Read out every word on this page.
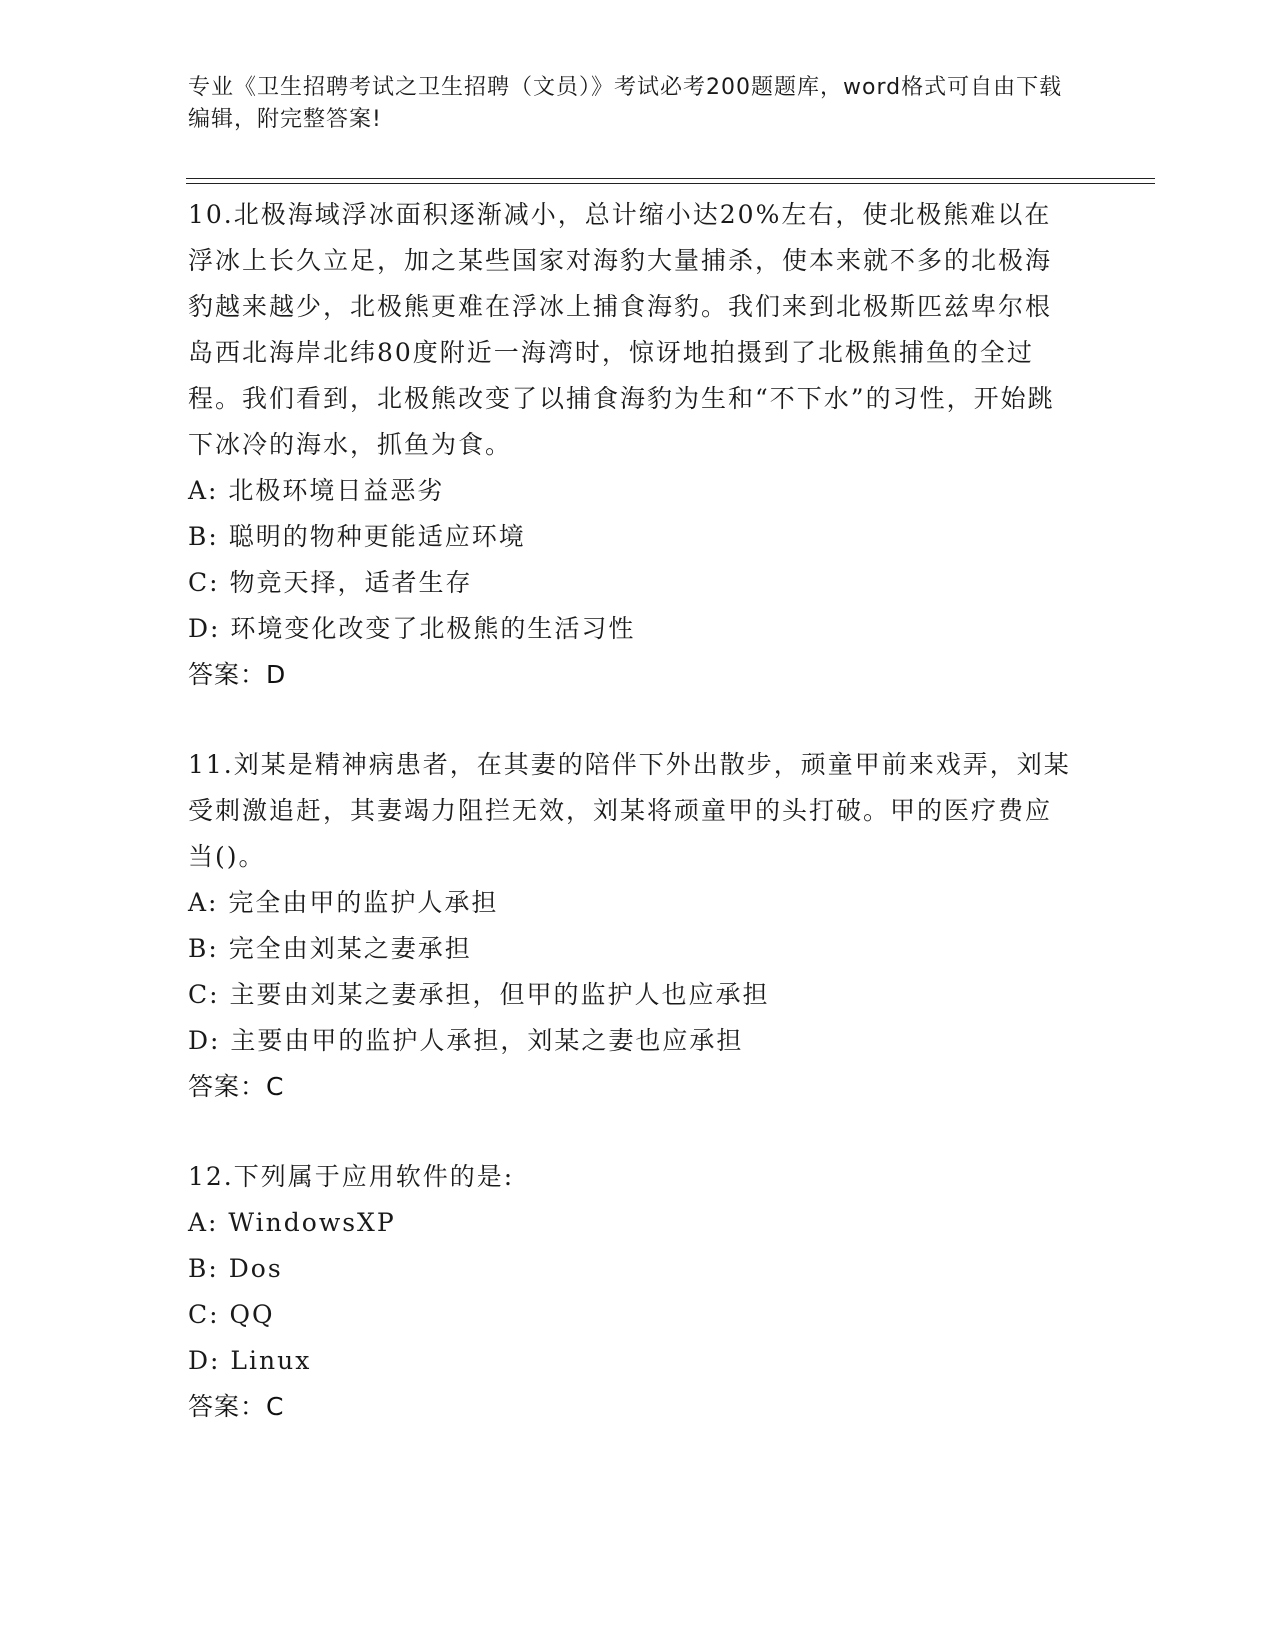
专业《卫生招聘考试之卫生招聘（文员）》考试必考200题题库，word格式可自由下载编辑，附完整答案!
10.北极海域浮冰面积逐渐减小，总计缩小达20%左右，使北极熊难以在浮冰上长久立足，加之某些国家对海豹大量捕杀，使本来就不多的北极海豹越来越少，北极熊更难在浮冰上捕食海豹。我们来到北极斯匹兹卑尔根岛西北海岸北纬80度附近一海湾时，惊讶地拍摄到了北极熊捕鱼的全过程。我们看到，北极熊改变了以捕食海豹为生和“不下水”的习性，开始跳下冰冷的海水，抓鱼为食。
A: 北极环境日益恶劣
B: 聪明的物种更能适应环境
C: 物竞天择，适者生存
D: 环境变化改变了北极熊的生活习性
答案：D
11.刘某是精神病患者，在其妻的陪伴下外出散步，顽童甲前来戏弄，刘某受刺激追赶，其妻竭力阻拦无效，刘某将顽童甲的头打破。甲的医疗费应当()。
A: 完全由甲的监护人承担
B: 完全由刘某之妻承担
C: 主要由刘某之妻承担，但甲的监护人也应承担
D: 主要由甲的监护人承担，刘某之妻也应承担
答案：C
12.下列属于应用软件的是:
A: WindowsXP
B: Dos
C: QQ
D: Linux
答案：C
